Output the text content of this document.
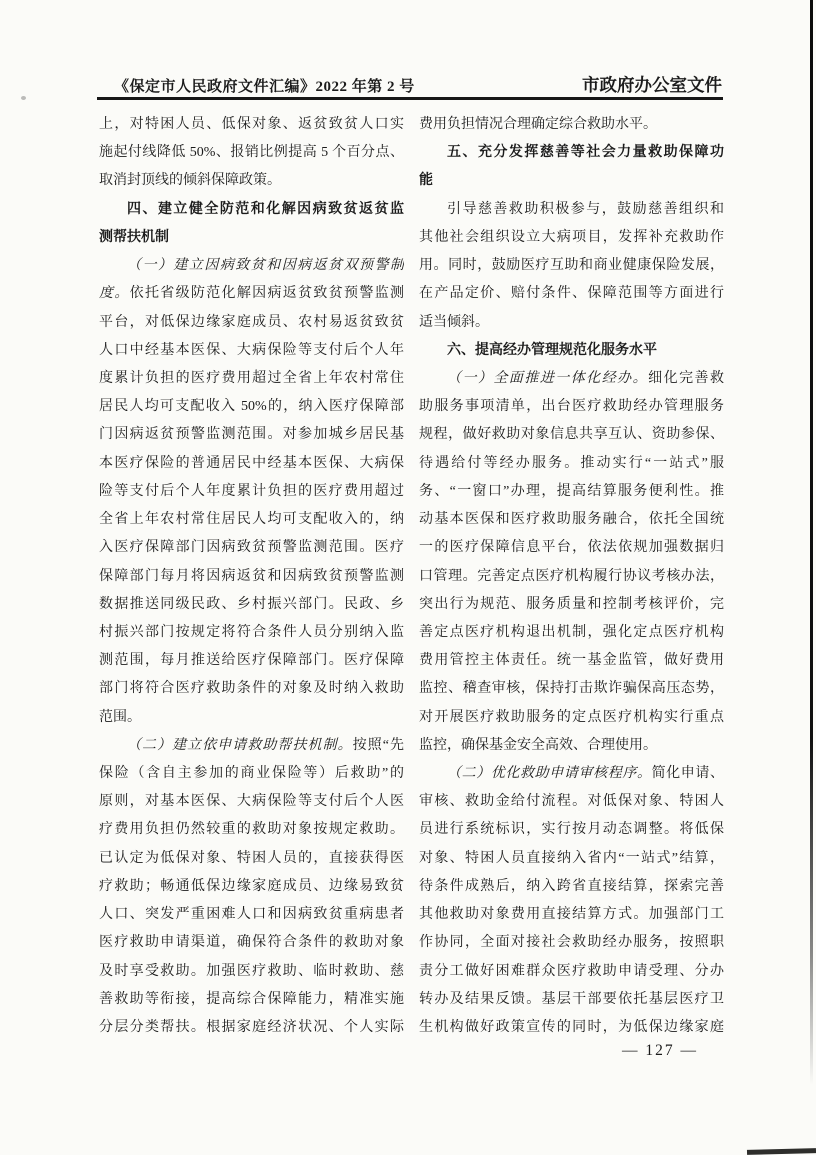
《保定市人民政府文件汇编》2022 年第 2 号	市政府办公室文件
上，对特困人员、低保对象、返贫致贫人口实
施起付线降低 50%、报销比例提高 5 个百分点、
取消封顶线的倾斜保障政策。
四、建立健全防范和化解因病致贫返贫监
测帮扶机制
（一）建立因病致贫和因病返贫双预警制
度。依托省级防范化解因病返贫致贫预警监测
平台，对低保边缘家庭成员、农村易返贫致贫
人口中经基本医保、大病保险等支付后个人年
度累计负担的医疗费用超过全省上年农村常住
居民人均可支配收入 50%的，纳入医疗保障部
门因病返贫预警监测范围。对参加城乡居民基
本医疗保险的普通居民中经基本医保、大病保
险等支付后个人年度累计负担的医疗费用超过
全省上年农村常住居民人均可支配收入的，纳
入医疗保障部门因病致贫预警监测范围。医疗
保障部门每月将因病返贫和因病致贫预警监测
数据推送同级民政、乡村振兴部门。民政、乡
村振兴部门按规定将符合条件人员分别纳入监
测范围，每月推送给医疗保障部门。医疗保障
部门将符合医疗救助条件的对象及时纳入救助
范围。
（二）建立依申请救助帮扶机制。按照“先
保险（含自主参加的商业保险等）后救助”的
原则，对基本医保、大病保险等支付后个人医
疗费用负担仍然较重的救助对象按规定救助。
已认定为低保对象、特困人员的，直接获得医
疗救助；畅通低保边缘家庭成员、边缘易致贫
人口、突发严重困难人口和因病致贫重病患者
医疗救助申请渠道，确保符合条件的救助对象
及时享受救助。加强医疗救助、临时救助、慈
善救助等衔接，提高综合保障能力，精准实施
分层分类帮扶。根据家庭经济状况、个人实际
费用负担情况合理确定综合救助水平。
五、充分发挥慈善等社会力量救助保障功
能
引导慈善救助积极参与，鼓励慈善组织和
其他社会组织设立大病项目，发挥补充救助作
用。同时，鼓励医疗互助和商业健康保险发展，
在产品定价、赔付条件、保障范围等方面进行
适当倾斜。
六、提高经办管理规范化服务水平
（一）全面推进一体化经办。细化完善救
助服务事项清单，出台医疗救助经办管理服务
规程，做好救助对象信息共享互认、资助参保、
待遇给付等经办服务。推动实行“一站式”服
务、“一窗口”办理，提高结算服务便利性。推
动基本医保和医疗救助服务融合，依托全国统
一的医疗保障信息平台，依法依规加强数据归
口管理。完善定点医疗机构履行协议考核办法，
突出行为规范、服务质量和控制考核评价，完
善定点医疗机构退出机制，强化定点医疗机构
费用管控主体责任。统一基金监管，做好费用
监控、稽查审核，保持打击欺诈骗保高压态势，
对开展医疗救助服务的定点医疗机构实行重点
监控，确保基金安全高效、合理使用。
（二）优化救助申请审核程序。简化申请、
审核、救助金给付流程。对低保对象、特困人
员进行系统标识，实行按月动态调整。将低保
对象、特困人员直接纳入省内“一站式”结算，
待条件成熟后，纳入跨省直接结算，探索完善
其他救助对象费用直接结算方式。加强部门工
作协同，全面对接社会救助经办服务，按照职
责分工做好困难群众医疗救助申请受理、分办
转办及结果反馈。基层干部要依托基层医疗卫
生机构做好政策宣传的同时，为低保边缘家庭
— 127 —
